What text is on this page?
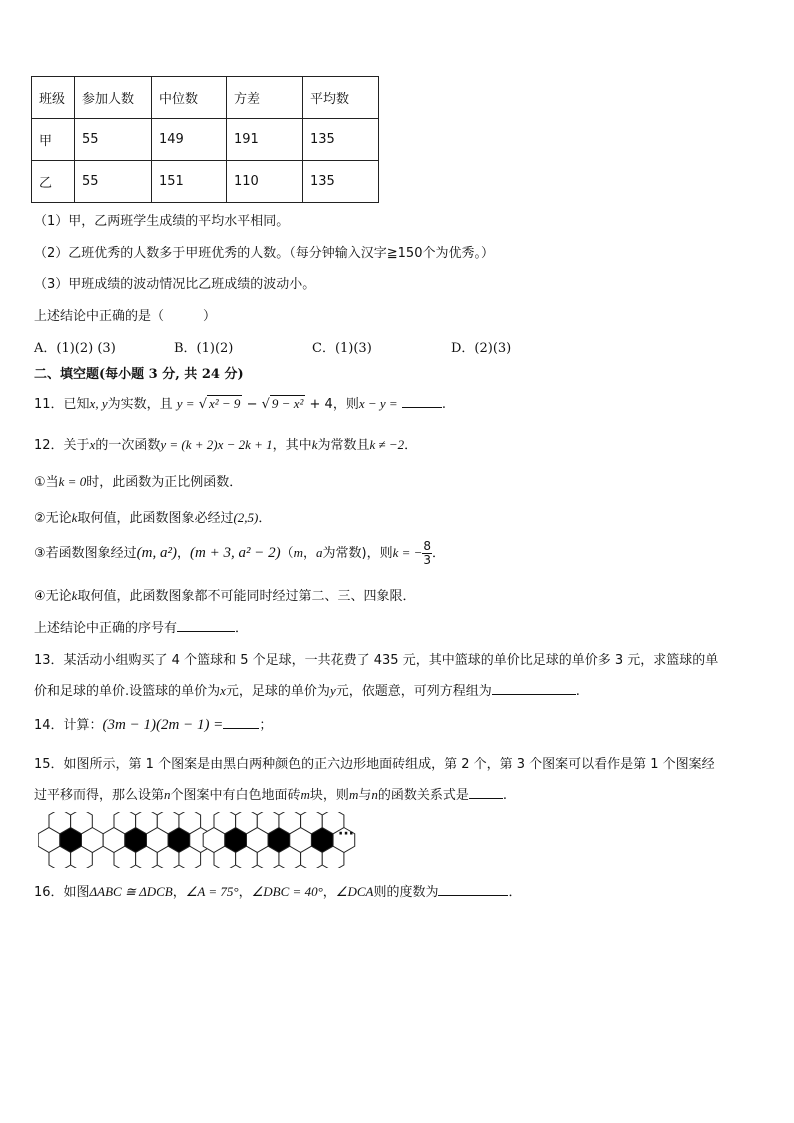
班级	参加人数	中位数	方差	平均数
甲	55	149	191	135
乙	55	151	110	135
（1）甲，乙两班学生成绩的平均水平相同。
（2）乙班优秀的人数多于甲班优秀的人数。（每分钟输入汉字≧150个为优秀。）
（3）甲班成绩的波动情况比乙班成绩的波动小。
上述结论中正确的是（　　　）
A．(1)(2) (3)	B．(1)(2)	C．(1)(3)	D．(2)(3)
二、填空题(每小题 3 分, 共 24 分)
11．已知x, y为实数，且 y = √ x² − 9 − √ 9 − x² + 4，则x − y =	.
12．关于x的一次函数y = (k + 2)x − 2k + 1，其中k为常数且k ≠ −2．
①当k = 0时，此函数为正比例函数．
②无论k取何值，此函数图象必经过(2,5)．
③若函数图象经过(m, a²)，(m + 3, a² − 2)（m，a为常数)，则k = − $\frac{8}{3}$ ．
④无论k取何值，此函数图象都不可能同时经过第二、三、四象限．
上述结论中正确的序号有	．
13．某活动小组购买了 4 个篮球和 5 个足球，一共花费了 435 元，其中篮球的单价比足球的单价多 3 元，求篮球的单
价和足球的单价.设篮球的单价为x元，足球的单价为y元，依题意，可列方程组为	.
14．计算：(3m − 1)(2m − 1) =	；
15．如图所示，第 1 个图案是由黑白两种颜色的正六边形地面砖组成，第 2 个，第 3 个图案可以看作是第 1 个图案经
过平移而得，那么设第n个图案中有白色地面砖m块，则m与n的函数关系式是	.
···
16．如图ΔABC ≅ ΔDCB，∠A = 75°，∠DBC = 40°，∠DCA则的度数为	．
